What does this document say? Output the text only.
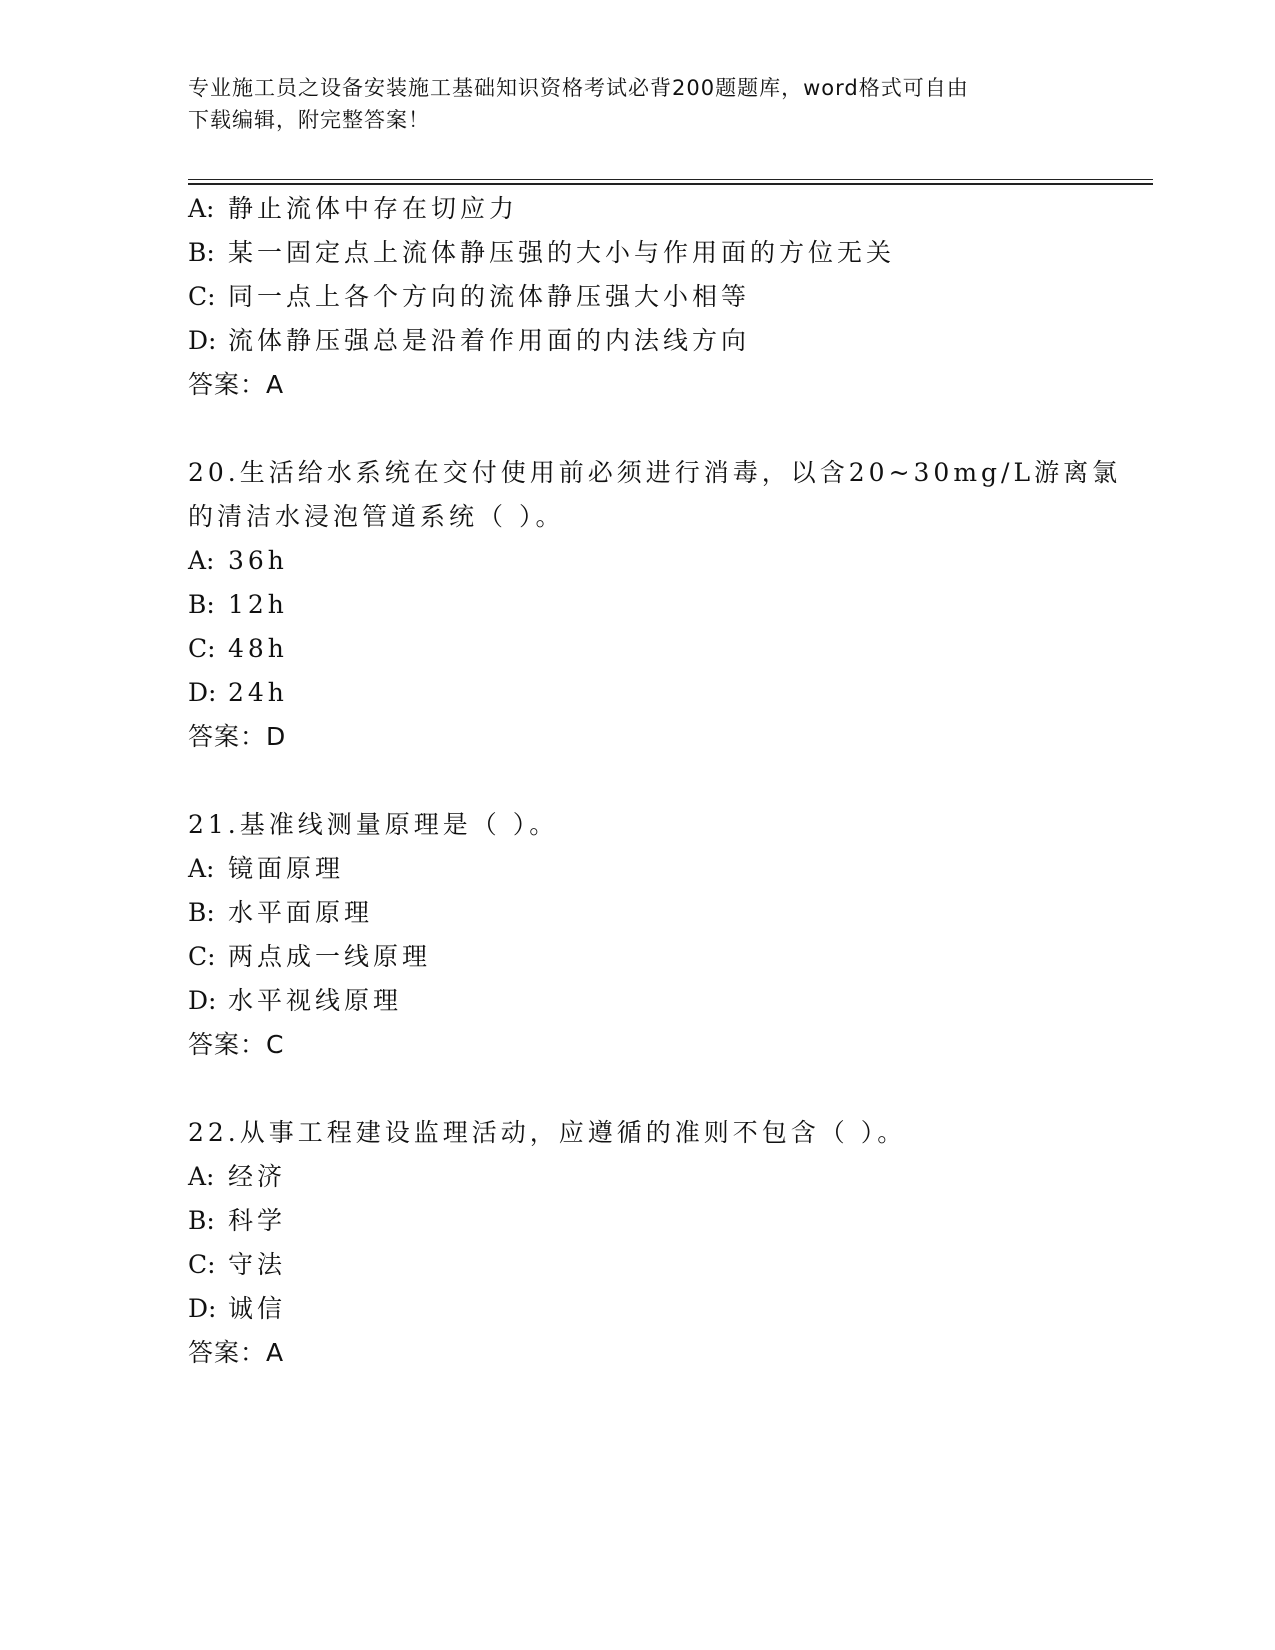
专业施工员之设备安装施工基础知识资格考试必背200题题库，word格式可自由
下载编辑，附完整答案！
A: 静止流体中存在切应力
B: 某一固定点上流体静压强的大小与作用面的方位无关
C: 同一点上各个方向的流体静压强大小相等
D: 流体静压强总是沿着作用面的内法线方向
答案：A
20.生活给水系统在交付使用前必须进行消毒，以含20~30mg/L游离氯
的清洁水浸泡管道系统（ ）。
A: 36h
B: 12h
C: 48h
D: 24h
答案：D
21.基准线测量原理是（ ）。
A: 镜面原理
B: 水平面原理
C: 两点成一线原理
D: 水平视线原理
答案：C
22.从事工程建设监理活动，应遵循的准则不包含（ ）。
A: 经济
B: 科学
C: 守法
D: 诚信
答案：A
